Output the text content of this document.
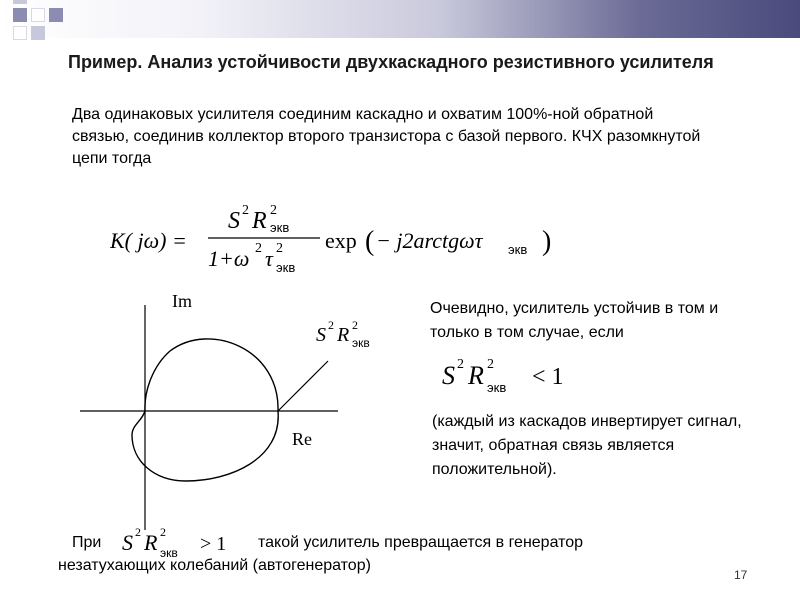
Пример. Анализ устойчивости двухкаскадного резистивного усилителя
Два одинаковых усилителя соединим каскадно и охватим 100%-ной обратной связью, соединив коллектор второго транзистора с базой первого. КЧХ разомкнутой цепи тогда
K( jω) =
S 2 R 2
экв
1+ω 2 τ 2
экв
exp ( − j2arctgωτ экв )
Im
Re
S 2 R 2
экв
Очевидно, усилитель устойчив в том и только в том случае, если
S 2 R 2
экв < 1
(каждый из каскадов инвертирует сигнал, значит, обратная связь является положительной).
При S 2 R 2
экв > 1 такой усилитель превращается в генератор
незатухающих колебаний (автогенератор)
17
